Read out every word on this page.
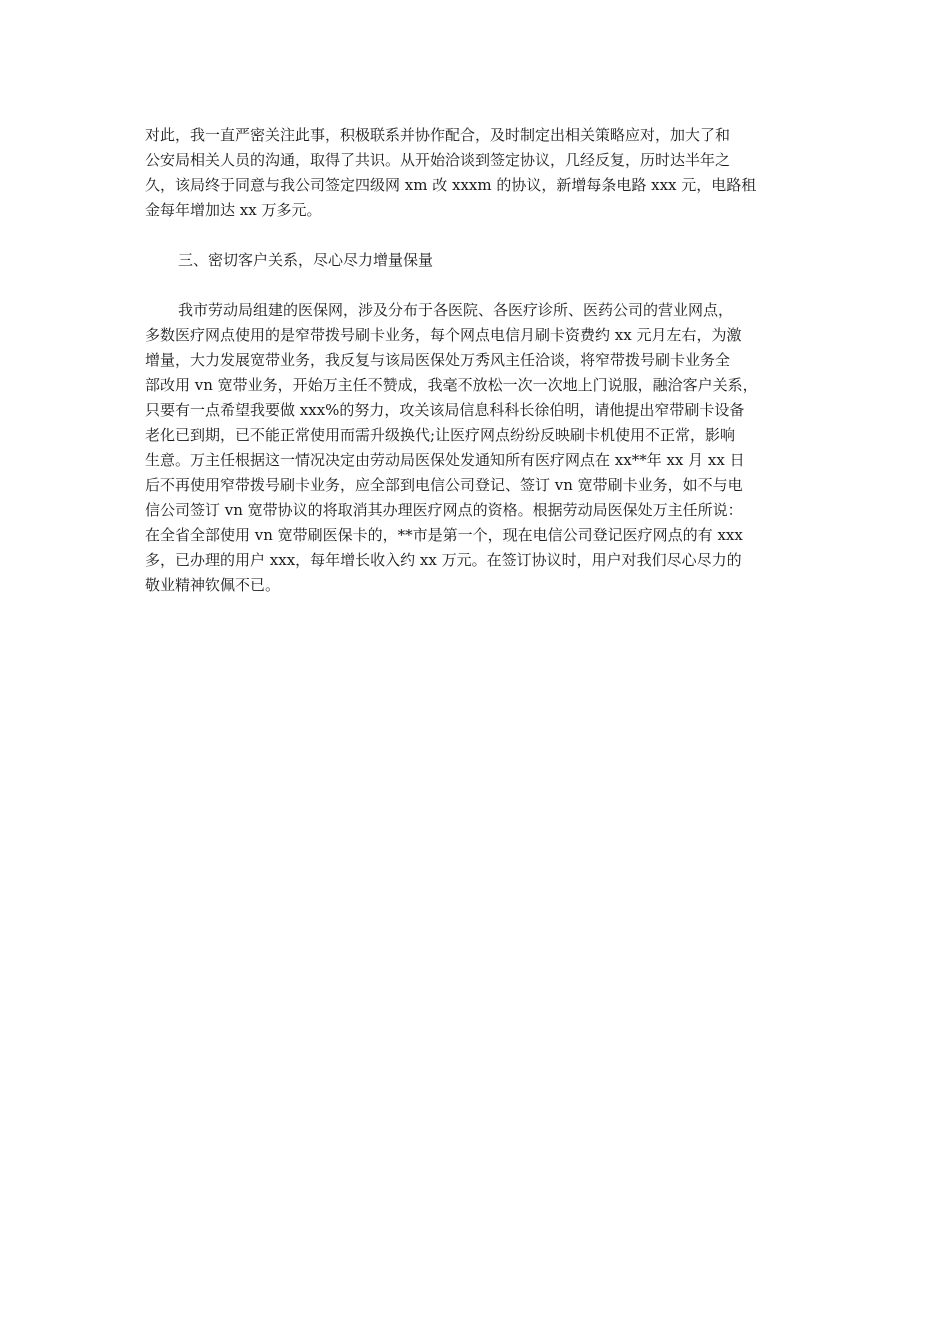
对此，我一直严密关注此事，积极联系并协作配合，及时制定出相关策略应对，加大了和
公安局相关人员的沟通，取得了共识。从开始洽谈到签定协议，几经反复，历时达半年之
久，该局终于同意与我公司签定四级网 xm 改 xxxm 的协议，新增每条电路 xxx 元，电路租
金每年增加达 xx 万多元。
三、密切客户关系，尽心尽力增量保量
我市劳动局组建的医保网，涉及分布于各医院、各医疗诊所、医药公司的营业网点，
多数医疗网点使用的是窄带拨号刷卡业务，每个网点电信月刷卡资费约 xx 元月左右，为激
增量，大力发展宽带业务，我反复与该局医保处万秀风主任洽谈，将窄带拨号刷卡业务全
部改用 vn 宽带业务，开始万主任不赞成，我毫不放松一次一次地上门说服，融洽客户关系，
只要有一点希望我要做 xxx%的努力，攻关该局信息科科长徐伯明，请他提出窄带刷卡设备
老化已到期，已不能正常使用而需升级换代;让医疗网点纷纷反映刷卡机使用不正常，影响
生意。万主任根据这一情况决定由劳动局医保处发通知所有医疗网点在 xx**年 xx 月 xx 日
后不再使用窄带拨号刷卡业务，应全部到电信公司登记、签订 vn 宽带刷卡业务，如不与电
信公司签订 vn 宽带协议的将取消其办理医疗网点的资格。根据劳动局医保处万主任所说：
在全省全部使用 vn 宽带刷医保卡的，**市是第一个，现在电信公司登记医疗网点的有 xxx
多，已办理的用户 xxx，每年增长收入约 xx 万元。在签订协议时，用户对我们尽心尽力的
敬业精神钦佩不已。
